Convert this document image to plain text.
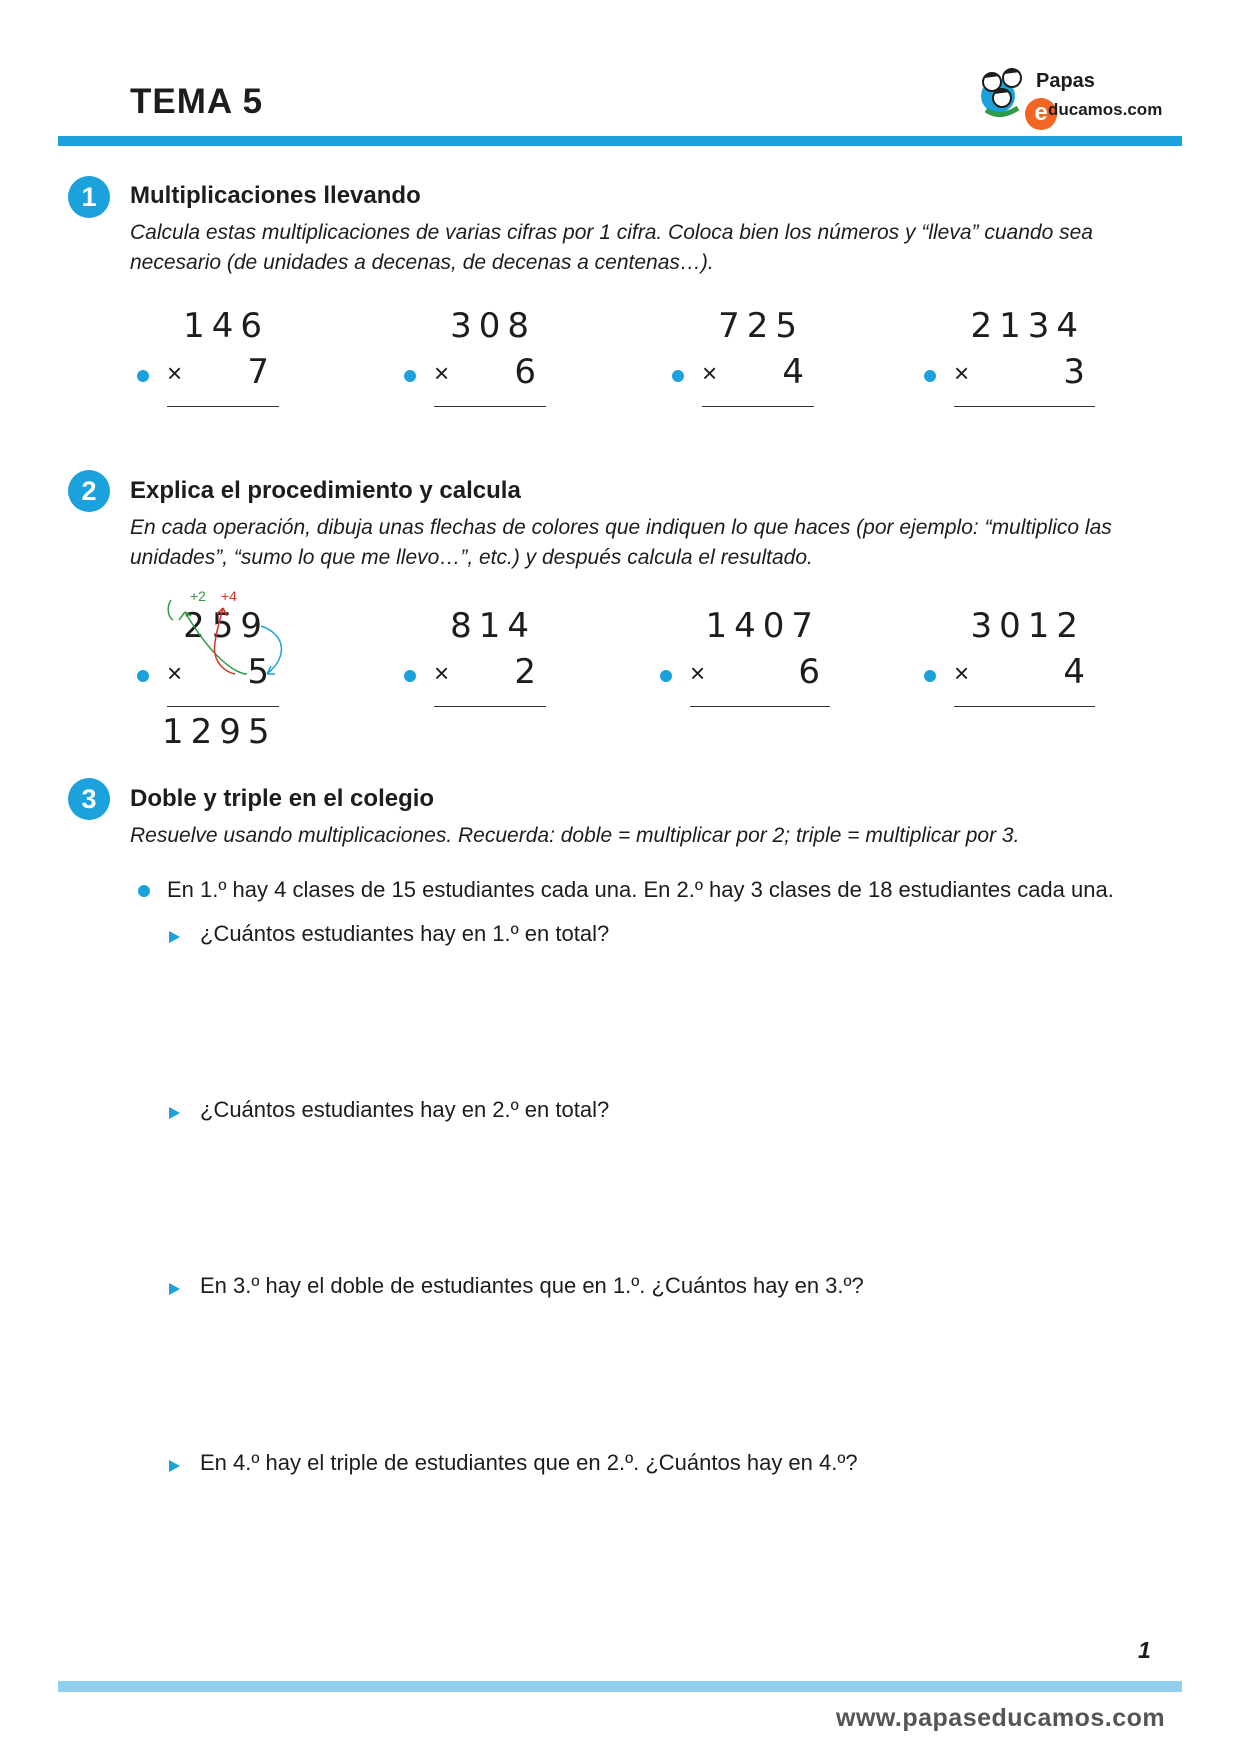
TEMA 5
Papas
e ducamos.com
1	Multiplicaciones llevando
Calcula estas multiplicaciones de varias cifras por 1 cifra. Coloca bien los números y “lleva” cuando sea necesario (de unidades a decenas, de decenas a centenas…).
146
× 7
308
× 6
725
× 4
2134
×	3
2	Explica el procedimiento y calcula
En cada operación, dibuja unas flechas de colores que indiquen lo que haces (por ejemplo: “multiplico las unidades”, “sumo lo que me llevo…”, etc.) y después calcula el resultado.
259
× 5
+2 +4
1295
814
× 2
1407
×	6
3012
×	4
3	Doble y triple en el colegio
Resuelve usando multiplicaciones. Recuerda: doble = multiplicar por 2; triple = multiplicar por 3.
En 1.º hay 4 clases de 15 estudiantes cada una. En 2.º hay 3 clases de 18 estudiantes cada una.
¿Cuántos estudiantes hay en 1.º en total?
¿Cuántos estudiantes hay en 2.º en total?
En 3.º hay el doble de estudiantes que en 1.º. ¿Cuántos hay en 3.º?
En 4.º hay el triple de estudiantes que en 2.º. ¿Cuántos hay en 4.º?
1
www.papaseducamos.com
